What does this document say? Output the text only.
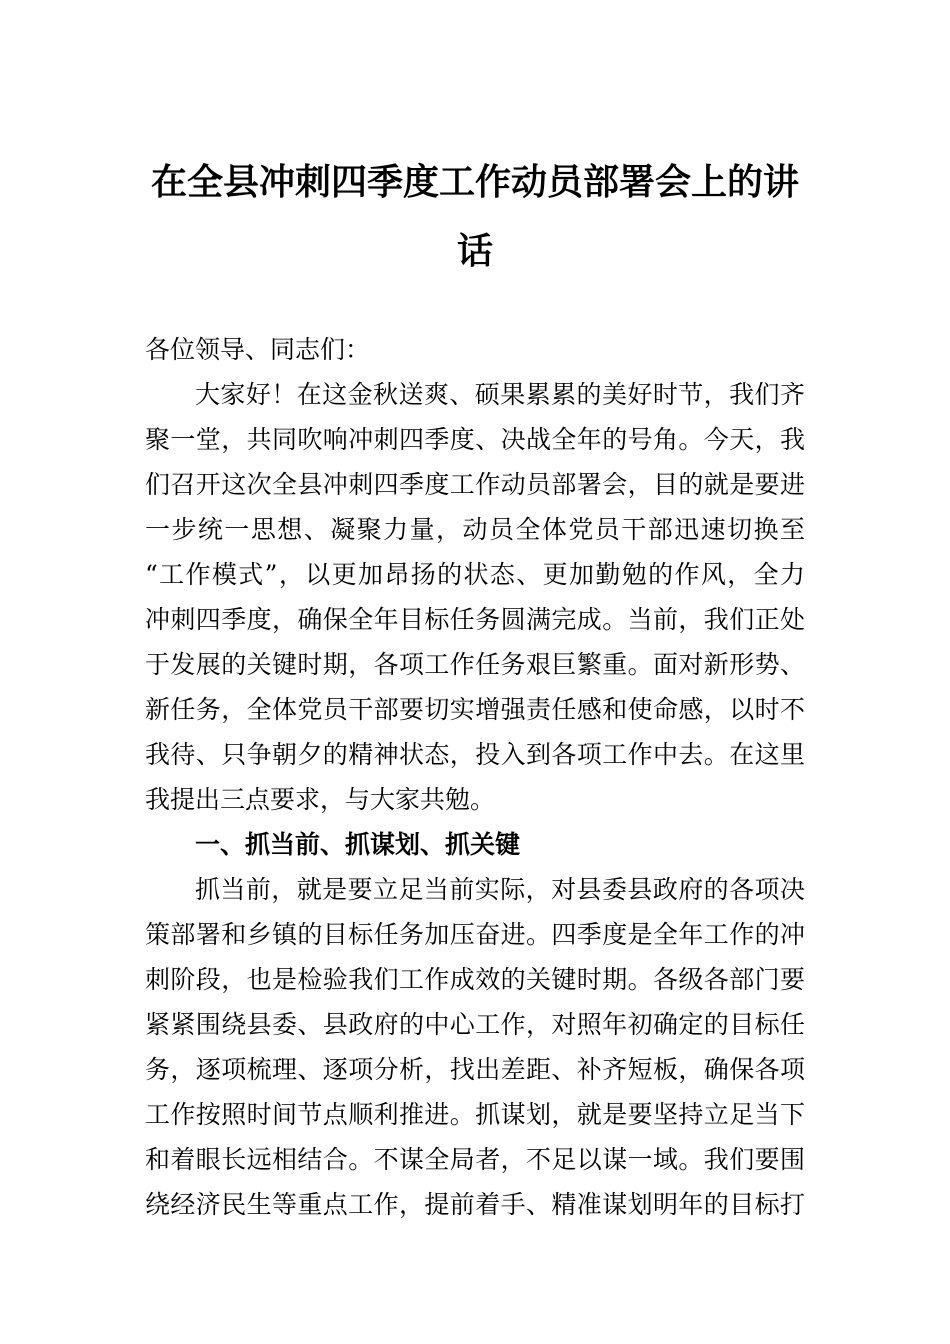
在全县冲刺四季度工作动员部署会上的讲
话
各位领导、同志们：
大家好！在这金秋送爽、硕果累累的美好时节，我们齐
聚一堂，共同吹响冲刺四季度、决战全年的号角。今天，我
们召开这次全县冲刺四季度工作动员部署会，目的就是要进
一步统一思想、凝聚力量，动员全体党员干部迅速切换至
“工作模式”，以更加昂扬的状态、更加勤勉的作风，全力
冲刺四季度，确保全年目标任务圆满完成。当前，我们正处
于发展的关键时期，各项工作任务艰巨繁重。面对新形势、
新任务，全体党员干部要切实增强责任感和使命感，以时不
我待、只争朝夕的精神状态，投入到各项工作中去。在这里
我提出三点要求，与大家共勉。
一、抓当前、抓谋划、抓关键
抓当前，就是要立足当前实际，对县委县政府的各项决
策部署和乡镇的目标任务加压奋进。四季度是全年工作的冲
刺阶段，也是检验我们工作成效的关键时期。各级各部门要
紧紧围绕县委、县政府的中心工作，对照年初确定的目标任
务，逐项梳理、逐项分析，找出差距、补齐短板，确保各项
工作按照时间节点顺利推进。抓谋划，就是要坚持立足当下
和着眼长远相结合。不谋全局者，不足以谋一域。我们要围
绕经济民生等重点工作，提前着手、精准谋划明年的目标打
